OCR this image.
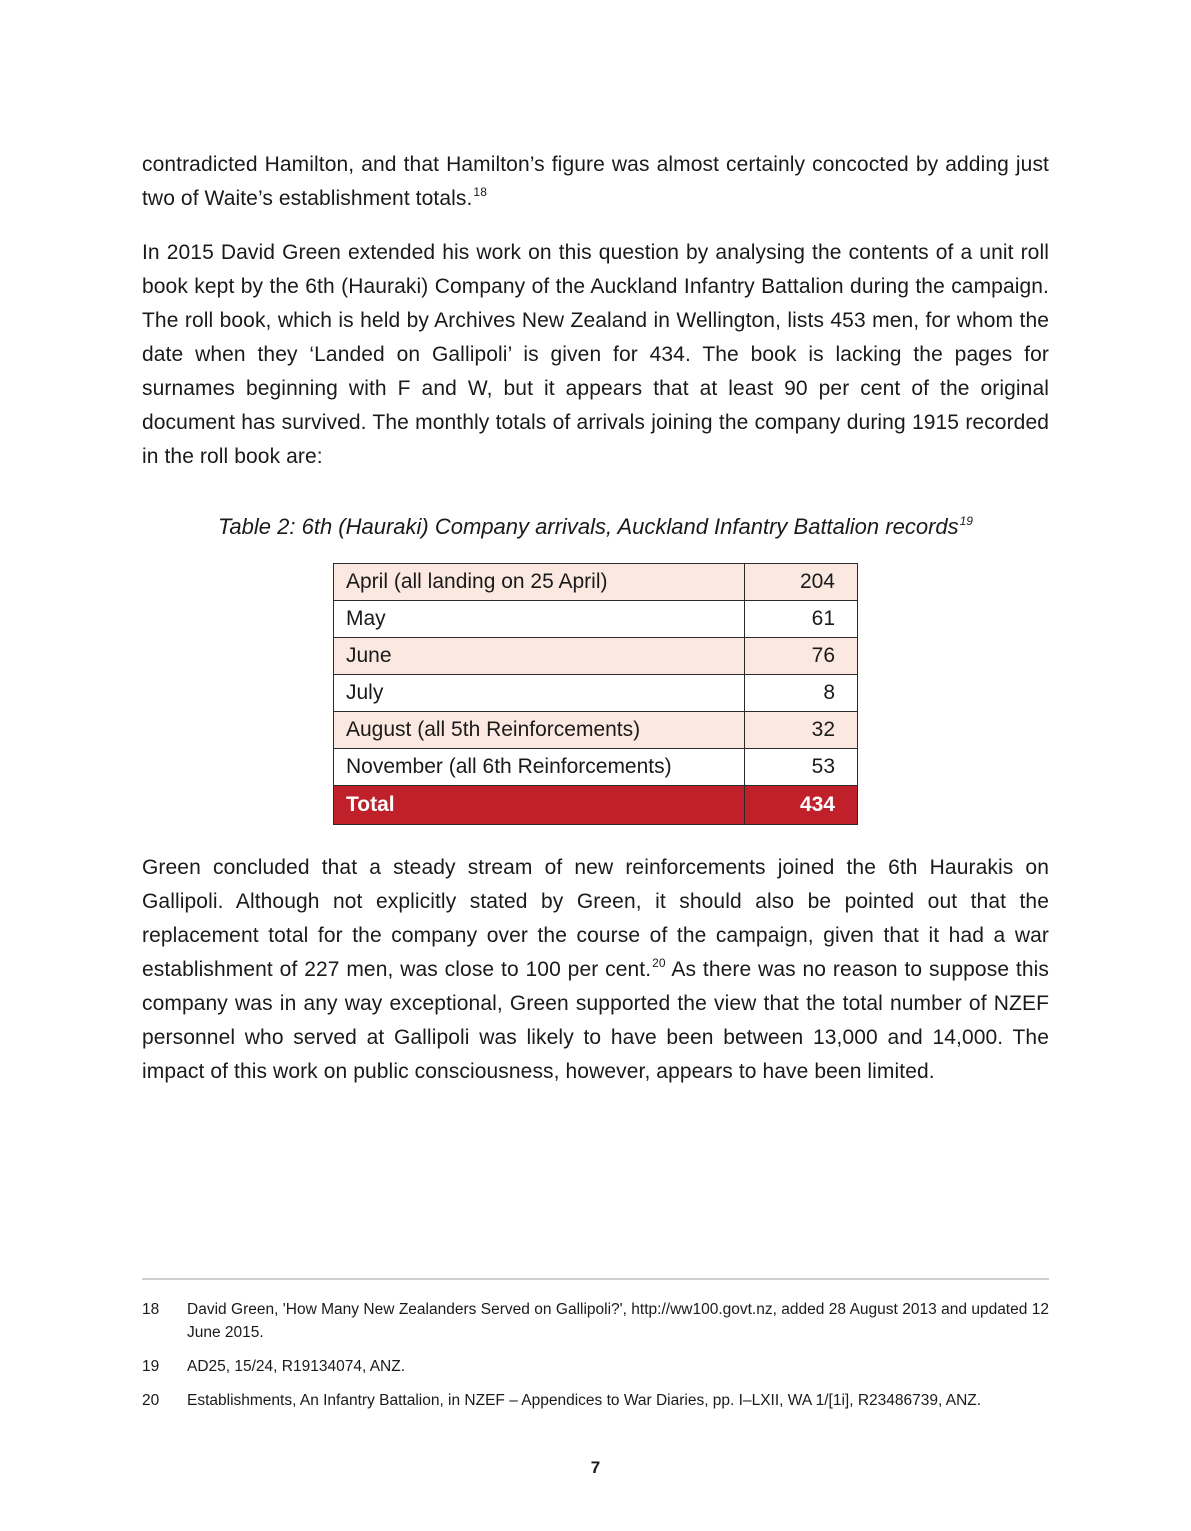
contradicted Hamilton, and that Hamilton’s figure was almost certainly concocted by adding just two of Waite’s establishment totals.$^{18}$

In 2015 David Green extended his work on this question by analysing the contents of a unit roll book kept by the 6th (Hauraki) Company of the Auckland Infantry Battalion during the campaign. The roll book, which is held by Archives New Zealand in Wellington, lists 453 men, for whom the date when they ‘Landed on Gallipoli’ is given for 434. The book is lacking the pages for surnames beginning with F and W, but it appears that at least 90 per cent of the original document has survived. The monthly totals of arrivals joining the company during 1915 recorded in the roll book are:

Table 2: 6th (Hauraki) Company arrivals, Auckland Infantry Battalion records$^{19}$
April (all landing on 25 April)	204
May	61
June	76
July	8
August (all 5th Reinforcements)	32
November (all 6th Reinforcements)	53
Total	434

Green concluded that a steady stream of new reinforcements joined the 6th Haurakis on Gallipoli. Although not explicitly stated by Green, it should also be pointed out that the replacement total for the company over the course of the campaign, given that it had a war establishment of 227 men, was close to 100 per cent.$^{20}$ As there was no reason to suppose this company was in any way exceptional, Green supported the view that the total number of NZEF personnel who served at Gallipoli was likely to have been between 13,000 and 14,000. The impact of this work on public consciousness, however, appears to have been limited.

18	David Green, 'How Many New Zealanders Served on Gallipoli?', http://ww100.govt.nz, added 28 August 2013 and updated 12 June 2015.
19	AD25, 15/24, R19134074, ANZ.
20	Establishments, An Infantry Battalion, in NZEF – Appendices to War Diaries, pp. I–LXII, WA 1/[1i], R23486739, ANZ.
7
